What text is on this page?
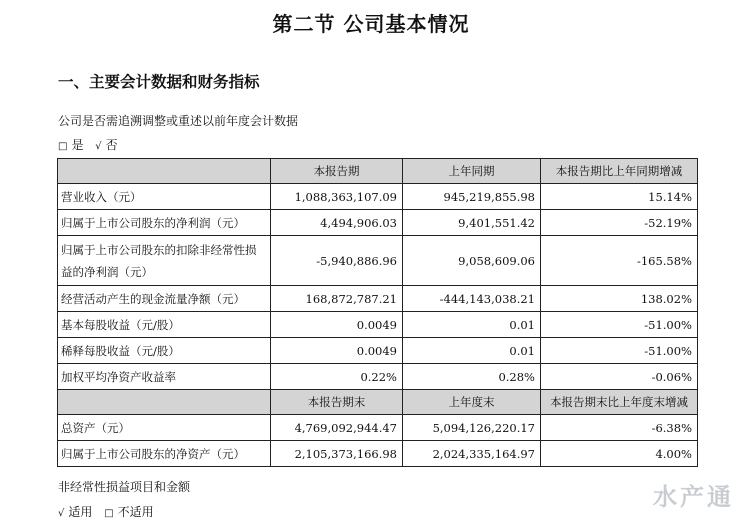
第二节 公司基本情况
一、主要会计数据和财务指标
公司是否需追溯调整或重述以前年度会计数据
□ 是 √ 否
	本报告期	上年同期	本报告期比上年同期增减
营业收入（元）	1,088,363,107.09	945,219,855.98	15.14%
归属于上市公司股东的净利润（元）	4,494,906.03	9,401,551.42	-52.19%
归属于上市公司股东的扣除非经常性损益的净利润（元）	-5,940,886.96	9,058,609.06	-165.58%
经营活动产生的现金流量净额（元）	168,872,787.21	-444,143,038.21	138.02%
基本每股收益（元/股）	0.0049	0.01	-51.00%
稀释每股收益（元/股）	0.0049	0.01	-51.00%
加权平均净资产收益率	0.22%	0.28%	-0.06%
	本报告期末	上年度末	本报告期末比上年度末增减
总资产（元）	4,769,092,944.47	5,094,126,220.17	-6.38%
归属于上市公司股东的净资产（元）	2,105,373,166.98	2,024,335,164.97	4.00%
非经常性损益项目和金额
√ 适用 □ 不适用
水产通
